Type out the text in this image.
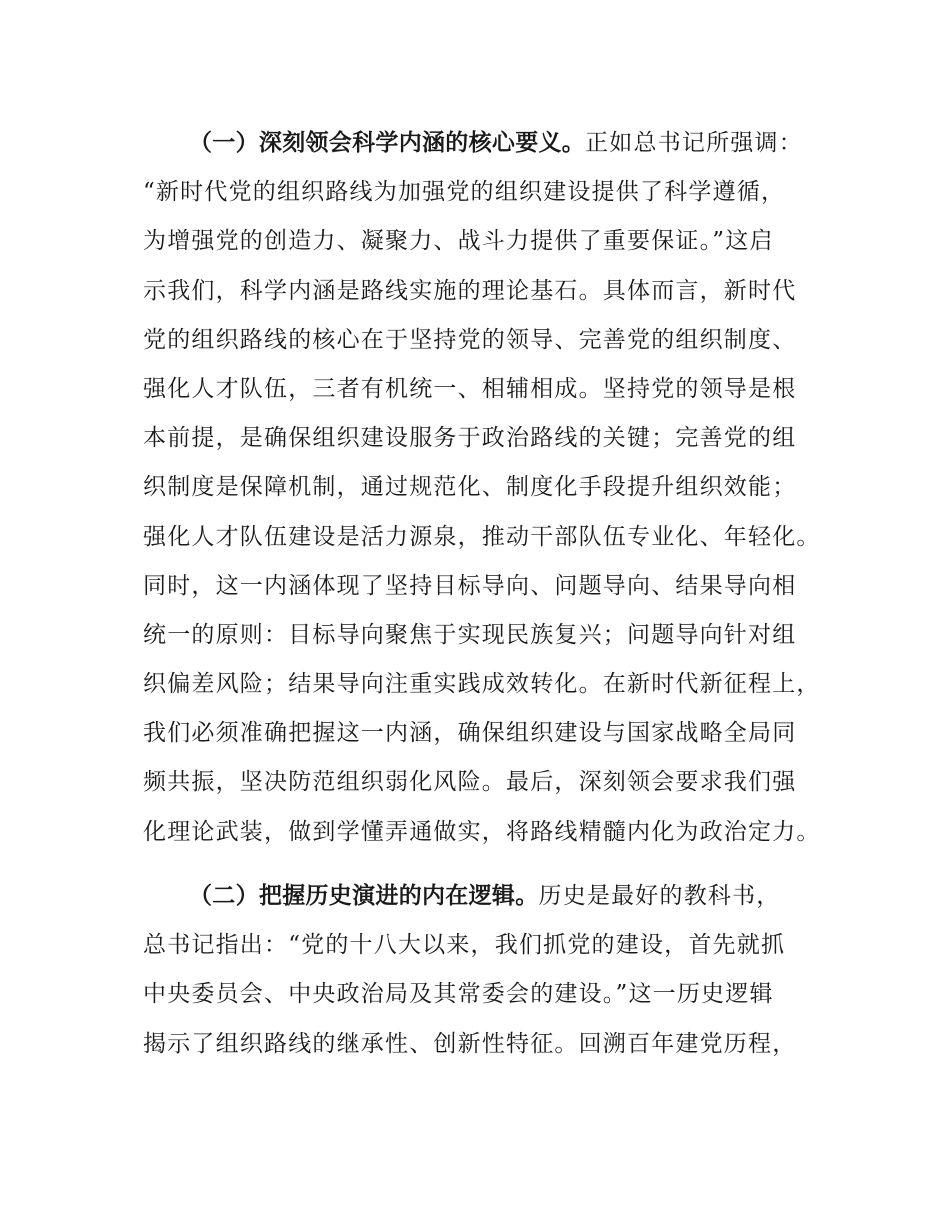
（一）深刻领会科学内涵的核心要义。正如总书记所强调：
“新时代党的组织路线为加强党的组织建设提供了科学遵循，
为增强党的创造力、凝聚力、战斗力提供了重要保证。”这启
示我们，科学内涵是路线实施的理论基石。具体而言，新时代
党的组织路线的核心在于坚持党的领导、完善党的组织制度、
强化人才队伍，三者有机统一、相辅相成。坚持党的领导是根
本前提，是确保组织建设服务于政治路线的关键；完善党的组
织制度是保障机制，通过规范化、制度化手段提升组织效能；
强化人才队伍建设是活力源泉，推动干部队伍专业化、年轻化。
同时，这一内涵体现了坚持目标导向、问题导向、结果导向相
统一的原则：目标导向聚焦于实现民族复兴；问题导向针对组
织偏差风险；结果导向注重实践成效转化。在新时代新征程上，
我们必须准确把握这一内涵，确保组织建设与国家战略全局同
频共振，坚决防范组织弱化风险。最后，深刻领会要求我们强
化理论武装，做到学懂弄通做实，将路线精髓内化为政治定力。
（二）把握历史演进的内在逻辑。历史是最好的教科书，
总书记指出：“党的十八大以来，我们抓党的建设，首先就抓
中央委员会、中央政治局及其常委会的建设。”这一历史逻辑
揭示了组织路线的继承性、创新性特征。回溯百年建党历程，
